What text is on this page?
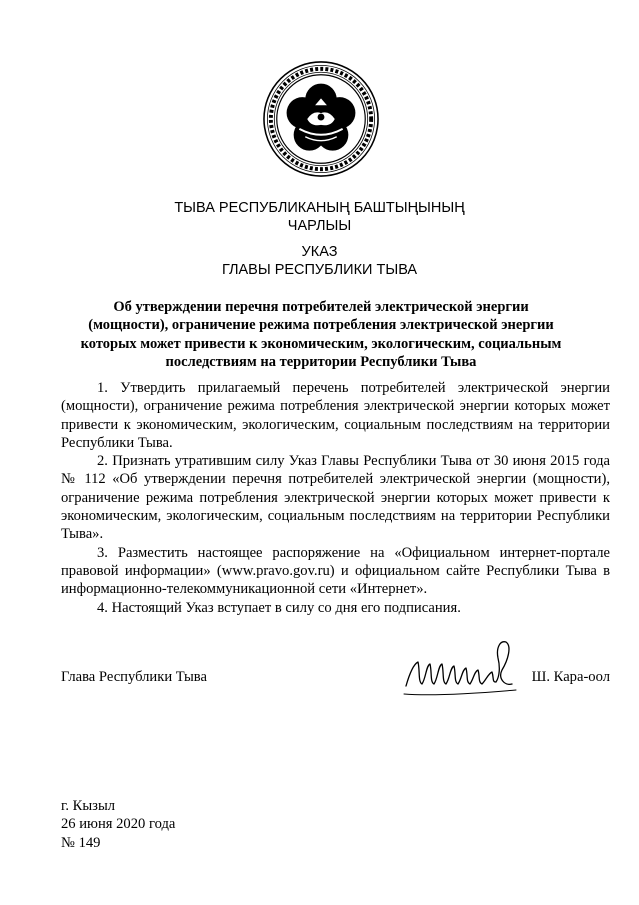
ТЫВА РЕСПУБЛИКАНЫҢ БАШТЫҢЫНЫҢ
ЧАРЛЫЫ
УКАЗ
ГЛАВЫ РЕСПУБЛИКИ ТЫВА
Об утверждении перечня потребителей электрической энергии
(мощности), ограничение режима потребления электрической энергии
которых может привести к экономическим, экологическим, социальным
последствиям на территории Республики Тыва

1. Утвердить прилагаемый перечень потребителей электрической энергии (мощности), ограничение режима потребления электрической энергии которых может привести к экономическим, экологическим, социальным последствиям на территории Республики Тыва.

2. Признать утратившим силу Указ Главы Республики Тыва от 30 июня 2015 года № 112 «Об утверждении перечня потребителей электрической энергии (мощности), ограничение режима потребления электрической энергии которых может привести к экономическим, экологическим, социальным последствиям на территории Республики Тыва».

3. Разместить настоящее распоряжение на «Официальном интернет-портале правовой информации» (www.pravo.gov.ru) и официальном сайте Республики Тыва в информационно-телекоммуникационной сети «Интернет».

4. Настоящий Указ вступает в силу со дня его подписания.

Глава Республики Тыва	Ш. Кара-оол
г. Кызыл
26 июня 2020 года
№ 149
